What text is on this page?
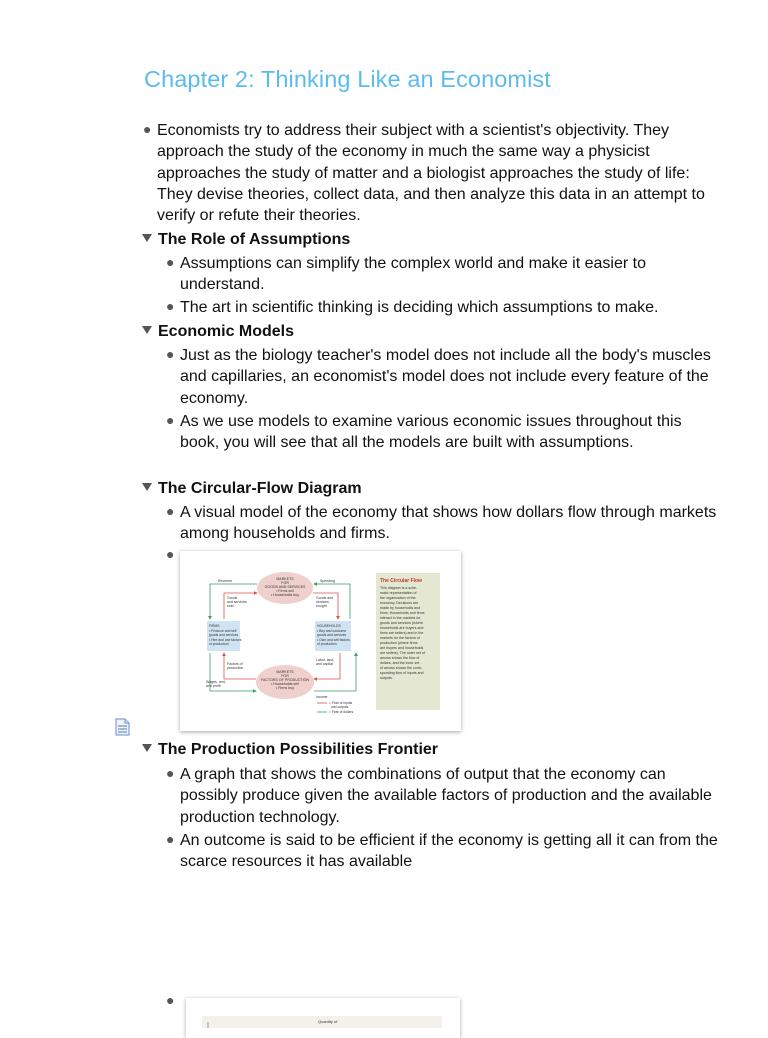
Chapter 2: Thinking Like an Economist
● Economists try to address their subject with a scientist's objectivity. They approach the study of the economy in much the same way a physicist approaches the study of matter and a biologist approaches the study of life: They devise theories, collect data, and then analyze this data in an attempt to verify or refute their theories.
The Role of Assumptions
● Assumptions can simplify the complex world and make it easier to understand.
● The art in scientific thinking is deciding which assumptions to make.
Economic Models
● Just as the biology teacher's model does not include all the body's muscles and capillaries, an economist's model does not include every feature of the economy.
● As we use models to examine various economic issues throughout this book, you will see that all the models are built with assumptions.
The Circular-Flow Diagram
● A visual model of the economy that shows how dollars flow through markets among households and firms.
●
The Circular Flow
This diagram is a sche-
matic representation of
the organization of the
economy. Decisions are
made by households and
firms. Households and firms
interact in the markets for
goods and services (where
households are buyers and
firms are sellers) and in the
markets for the factors of
production (where firms
are buyers and households
are sellers). The outer set of
arrows shows the flow of
dollars, and the inner set
of arrows shows the corre-
sponding flow of inputs and
outputs.
MARKETS
FOR
GOODS AND SERVICES
• Firms sell
• Households buy
MARKETS
FOR
FACTORS OF PRODUCTION
• Households sell
• Firms buy
FIRMS
• Produce and sell
goods and services
• Hire and use factors
of production
HOUSEHOLDS
• Buy and consume
goods and services
• Own and sell factors
of production
Revenue	Spending
Goods
and services
sold
Goods and
services
bought
Factors of
production
Wages, rent,
and profit
Labor, land,
and capital
Income
= Flow of inputs
and outputs
= Flow of dollars
The Production Possibilities Frontier
● A graph that shows the combinations of output that the economy can possibly produce given the available factors of production and the available production technology.
● An outcome is said to be efficient if the economy is getting all it can from the scarce resources it has available
●
Quantity of
